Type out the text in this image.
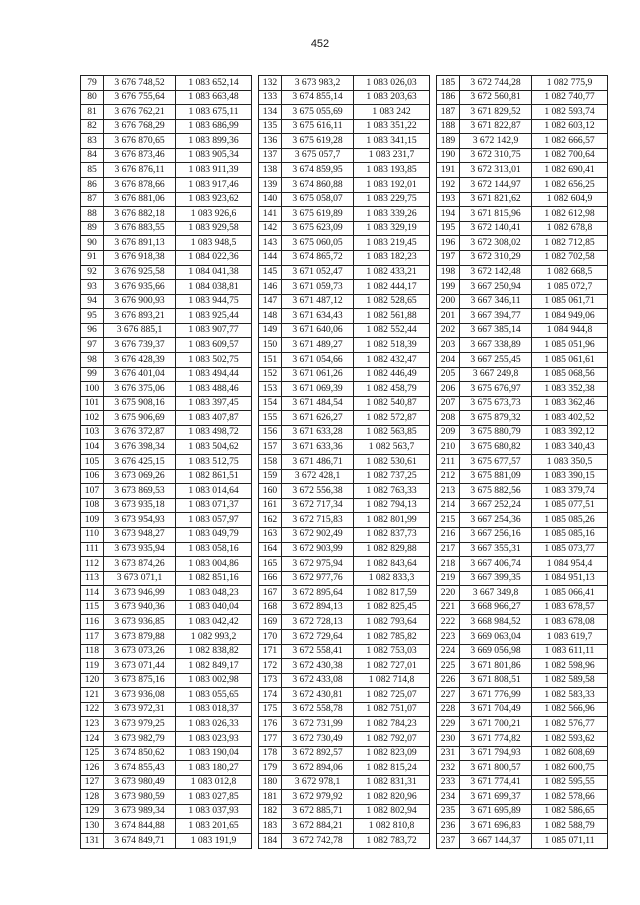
452
79	3 676 748,52	1 083 652,14
80	3 676 755,64	1 083 663,48
81	3 676 762,21	1 083 675,11
82	3 676 768,29	1 083 686,99
83	3 676 870,65	1 083 899,36
84	3 676 873,46	1 083 905,34
85	3 676 876,11	1 083 911,39
86	3 676 878,66	1 083 917,46
87	3 676 881,06	1 083 923,62
88	3 676 882,18	1 083 926,6
89	3 676 883,55	1 083 929,58
90	3 676 891,13	1 083 948,5
91	3 676 918,38	1 084 022,36
92	3 676 925,58	1 084 041,38
93	3 676 935,66	1 084 038,81
94	3 676 900,93	1 083 944,75
95	3 676 893,21	1 083 925,44
96	3 676 885,1	1 083 907,77
97	3 676 739,37	1 083 609,57
98	3 676 428,39	1 083 502,75
99	3 676 401,04	1 083 494,44
100	3 676 375,06	1 083 488,46
101	3 675 908,16	1 083 397,45
102	3 675 906,69	1 083 407,87
103	3 676 372,87	1 083 498,72
104	3 676 398,34	1 083 504,62
105	3 676 425,15	1 083 512,75
106	3 673 069,26	1 082 861,51
107	3 673 869,53	1 083 014,64
108	3 673 935,18	1 083 071,37
109	3 673 954,93	1 083 057,97
110	3 673 948,27	1 083 049,79
111	3 673 935,94	1 083 058,16
112	3 673 874,26	1 083 004,86
113	3 673 071,1	1 082 851,16
114	3 673 946,99	1 083 048,23
115	3 673 940,36	1 083 040,04
116	3 673 936,85	1 083 042,42
117	3 673 879,88	1 082 993,2
118	3 673 073,26	1 082 838,82
119	3 673 071,44	1 082 849,17
120	3 673 875,16	1 083 002,98
121	3 673 936,08	1 083 055,65
122	3 673 972,31	1 083 018,37
123	3 673 979,25	1 083 026,33
124	3 673 982,79	1 083 023,93
125	3 674 850,62	1 083 190,04
126	3 674 855,43	1 083 180,27
127	3 673 980,49	1 083 012,8
128	3 673 980,59	1 083 027,85
129	3 673 989,34	1 083 037,93
130	3 674 844,88	1 083 201,65
131	3 674 849,71	1 083 191,9
132	3 673 983,2	1 083 026,03
133	3 674 855,14	1 083 203,63
134	3 675 055,69	1 083 242
135	3 675 616,11	1 083 351,22
136	3 675 619,28	1 083 341,15
137	3 675 057,7	1 083 231,7
138	3 674 859,95	1 083 193,85
139	3 674 860,88	1 083 192,01
140	3 675 058,07	1 083 229,75
141	3 675 619,89	1 083 339,26
142	3 675 623,09	1 083 329,19
143	3 675 060,05	1 083 219,45
144	3 674 865,72	1 083 182,23
145	3 671 052,47	1 082 433,21
146	3 671 059,73	1 082 444,17
147	3 671 487,12	1 082 528,65
148	3 671 634,43	1 082 561,88
149	3 671 640,06	1 082 552,44
150	3 671 489,27	1 082 518,39
151	3 671 054,66	1 082 432,47
152	3 671 061,26	1 082 446,49
153	3 671 069,39	1 082 458,79
154	3 671 484,54	1 082 540,87
155	3 671 626,27	1 082 572,87
156	3 671 633,28	1 082 563,85
157	3 671 633,36	1 082 563,7
158	3 671 486,71	1 082 530,61
159	3 672 428,1	1 082 737,25
160	3 672 556,38	1 082 763,33
161	3 672 717,34	1 082 794,13
162	3 672 715,83	1 082 801,99
163	3 672 902,49	1 082 837,73
164	3 672 903,99	1 082 829,88
165	3 672 975,94	1 082 843,64
166	3 672 977,76	1 082 833,3
167	3 672 895,64	1 082 817,59
168	3 672 894,13	1 082 825,45
169	3 672 728,13	1 082 793,64
170	3 672 729,64	1 082 785,82
171	3 672 558,41	1 082 753,03
172	3 672 430,38	1 082 727,01
173	3 672 433,08	1 082 714,8
174	3 672 430,81	1 082 725,07
175	3 672 558,78	1 082 751,07
176	3 672 731,99	1 082 784,23
177	3 672 730,49	1 082 792,07
178	3 672 892,57	1 082 823,09
179	3 672 894,06	1 082 815,24
180	3 672 978,1	1 082 831,31
181	3 672 979,92	1 082 820,96
182	3 672 885,71	1 082 802,94
183	3 672 884,21	1 082 810,8
184	3 672 742,78	1 082 783,72
185	3 672 744,28	1 082 775,9
186	3 672 560,81	1 082 740,77
187	3 671 829,52	1 082 593,74
188	3 671 822,87	1 082 603,12
189	3 672 142,9	1 082 666,57
190	3 672 310,75	1 082 700,64
191	3 672 313,01	1 082 690,41
192	3 672 144,97	1 082 656,25
193	3 671 821,62	1 082 604,9
194	3 671 815,96	1 082 612,98
195	3 672 140,41	1 082 678,8
196	3 672 308,02	1 082 712,85
197	3 672 310,29	1 082 702,58
198	3 672 142,48	1 082 668,5
199	3 667 250,94	1 085 072,7
200	3 667 346,11	1 085 061,71
201	3 667 394,77	1 084 949,06
202	3 667 385,14	1 084 944,8
203	3 667 338,89	1 085 051,96
204	3 667 255,45	1 085 061,61
205	3 667 249,8	1 085 068,56
206	3 675 676,97	1 083 352,38
207	3 675 673,73	1 083 362,46
208	3 675 879,32	1 083 402,52
209	3 675 880,79	1 083 392,12
210	3 675 680,82	1 083 340,43
211	3 675 677,57	1 083 350,5
212	3 675 881,09	1 083 390,15
213	3 675 882,56	1 083 379,74
214	3 667 252,24	1 085 077,51
215	3 667 254,36	1 085 085,26
216	3 667 256,16	1 085 085,16
217	3 667 355,31	1 085 073,77
218	3 667 406,74	1 084 954,4
219	3 667 399,35	1 084 951,13
220	3 667 349,8	1 085 066,41
221	3 668 966,27	1 083 678,57
222	3 668 984,52	1 083 678,08
223	3 669 063,04	1 083 619,7
224	3 669 056,98	1 083 611,11
225	3 671 801,86	1 082 598,96
226	3 671 808,51	1 082 589,58
227	3 671 776,99	1 082 583,33
228	3 671 704,49	1 082 566,96
229	3 671 700,21	1 082 576,77
230	3 671 774,82	1 082 593,62
231	3 671 794,93	1 082 608,69
232	3 671 800,57	1 082 600,75
233	3 671 774,41	1 082 595,55
234	3 671 699,37	1 082 578,66
235	3 671 695,89	1 082 586,65
236	3 671 696,83	1 082 588,79
237	3 667 144,37	1 085 071,11
